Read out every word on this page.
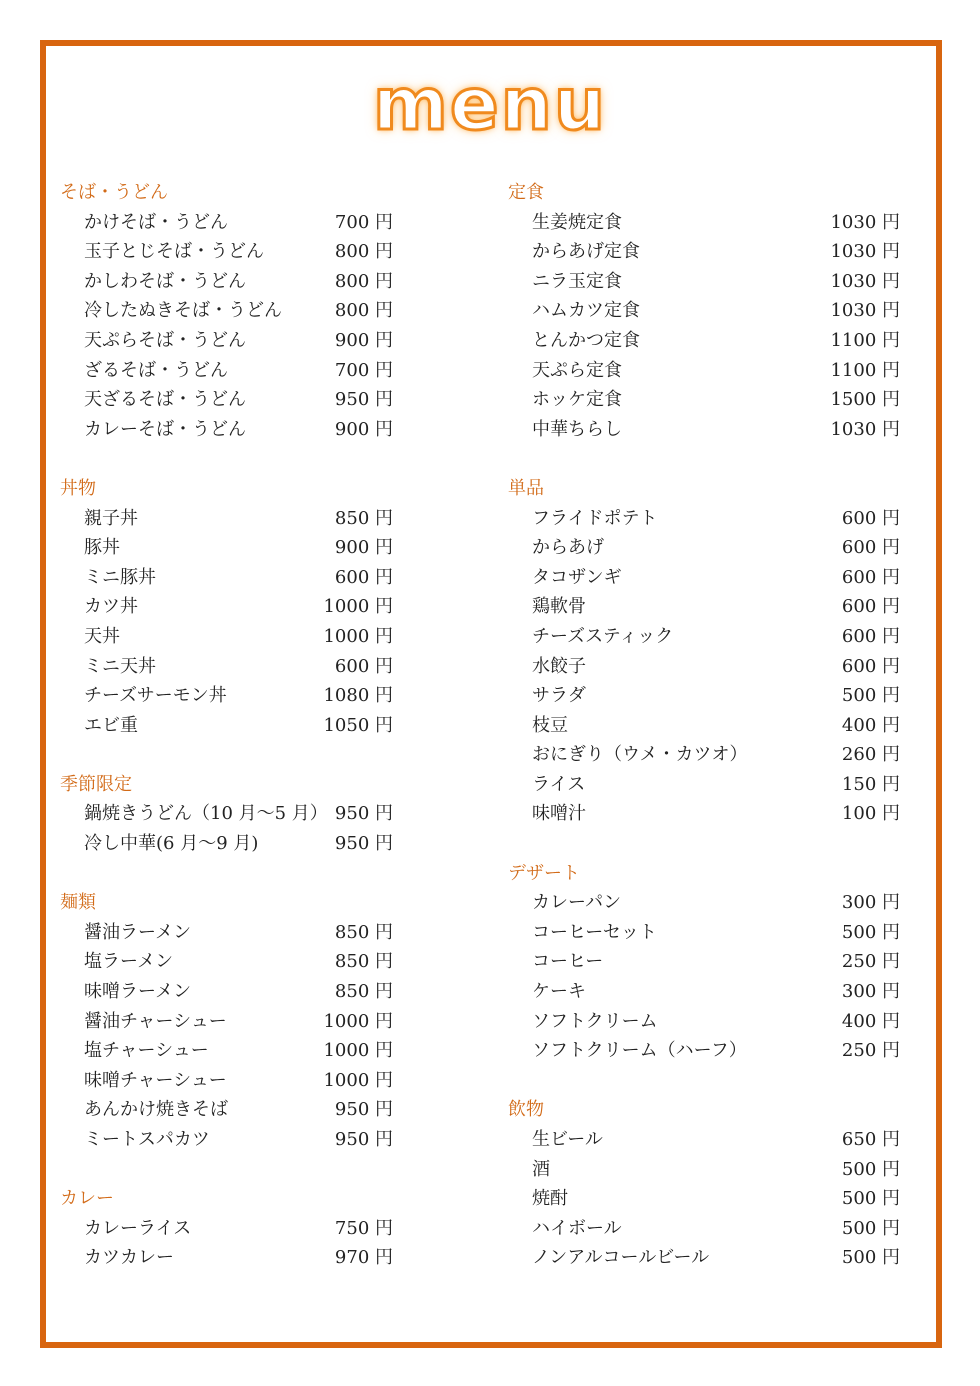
menu
そば・うどん
かけそば・うどん	700 円
玉子とじそば・うどん	800 円
かしわそば・うどん	800 円
冷したぬきそば・うどん	800 円
天ぷらそば・うどん	900 円
ざるそば・うどん	700 円
天ざるそば・うどん	950 円
カレーそば・うどん	900 円
丼物
親子丼	850 円
豚丼	900 円
ミニ豚丼	600 円
カツ丼	1000 円
天丼	1000 円
ミニ天丼	600 円
チーズサーモン丼	1080 円
エビ重	1050 円
季節限定
鍋焼きうどん（10 月～5 月） 950 円
冷し中華(6 月～9 月)	950 円
麺類
醤油ラーメン	850 円
塩ラーメン	850 円
味噌ラーメン	850 円
醤油チャーシュー	1000 円
塩チャーシュー	1000 円
味噌チャーシュー	1000 円
あんかけ焼きそば	950 円
ミートスパカツ	950 円
カレー
カレーライス	750 円
カツカレー	970 円
定食
生姜焼定食	1030 円
からあげ定食	1030 円
ニラ玉定食	1030 円
ハムカツ定食	1030 円
とんかつ定食	1100 円
天ぷら定食	1100 円
ホッケ定食	1500 円
中華ちらし	1030 円
単品
フライドポテト	600 円
からあげ	600 円
タコザンギ	600 円
鶏軟骨	600 円
チーズスティック	600 円
水餃子	600 円
サラダ	500 円
枝豆	400 円
おにぎり（ウメ・カツオ）	260 円
ライス	150 円
味噌汁	100 円
デザート
カレーパン	300 円
コーヒーセット	500 円
コーヒー	250 円
ケーキ	300 円
ソフトクリーム	400 円
ソフトクリーム（ハーフ）	250 円
飲物
生ビール	650 円
酒	500 円
焼酎	500 円
ハイボール	500 円
ノンアルコールビール	500 円
